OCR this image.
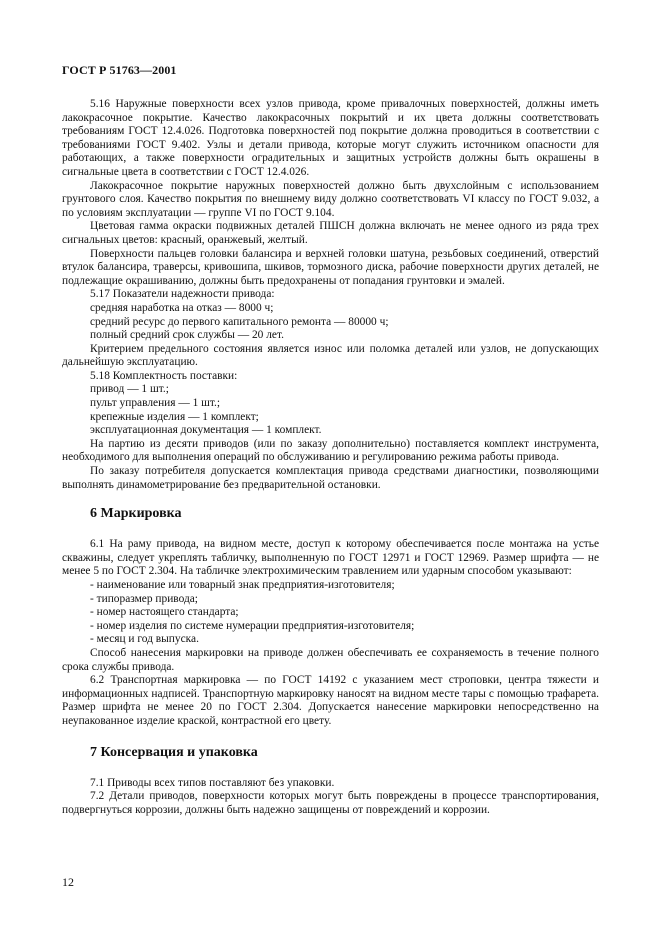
ГОСТ Р 51763—2001

5.16 Наружные поверхности всех узлов привода, кроме привалочных поверхностей, должны иметь лакокрасочное покрытие. Качество лакокрасочных покрытий и их цвета должны соответствовать требованиям ГОСТ 12.4.026. Подготовка поверхностей под покрытие должна проводиться в соответствии с требованиями ГОСТ 9.402. Узлы и детали привода, которые могут служить источником опасности для работающих, а также поверхности оградительных и защитных устройств должны быть окрашены в сигнальные цвета в соответствии с ГОСТ 12.4.026.

Лакокрасочное покрытие наружных поверхностей должно быть двухслойным с использованием грунтового слоя. Качество покрытия по внешнему виду должно соответствовать VI классу по ГОСТ 9.032, а по условиям эксплуатации — группе VI по ГОСТ 9.104.

Цветовая гамма окраски подвижных деталей ПШСН должна включать не менее одного из ряда трех сигнальных цветов: красный, оранжевый, желтый.

Поверхности пальцев головки балансира и верхней головки шатуна, резьбовых соединений, отверстий втулок балансира, траверсы, кривошипа, шкивов, тормозного диска, рабочие поверхности других деталей, не подлежащие окрашиванию, должны быть предохранены от попадания грунтовки и эмалей.

5.17 Показатели надежности привода:

средняя наработка на отказ — 8000 ч;

средний ресурс до первого капитального ремонта — 80000 ч;

полный средний срок службы — 20 лет.

Критерием предельного состояния является износ или поломка деталей или узлов, не допускающих дальнейшую эксплуатацию.

5.18 Комплектность поставки:

привод — 1 шт.;

пульт управления — 1 шт.;

крепежные изделия — 1 комплект;

эксплуатационная документация — 1 комплект.

На партию из десяти приводов (или по заказу дополнительно) поставляется комплект инструмента, необходимого для выполнения операций по обслуживанию и регулированию режима работы привода.

По заказу потребителя допускается комплектация привода средствами диагностики, позволяющими выполнять динамометрирование без предварительной остановки.

6 Маркировка

6.1 На раму привода, на видном месте, доступ к которому обеспечивается после монтажа на устье скважины, следует укреплять табличку, выполненную по ГОСТ 12971 и ГОСТ 12969. Размер шрифта — не менее 5 по ГОСТ 2.304. На табличке электрохимическим травлением или ударным способом указывают:

- наименование или товарный знак предприятия-изготовителя;

- типоразмер привода;

- номер настоящего стандарта;

- номер изделия по системе нумерации предприятия-изготовителя;

- месяц и год выпуска.

Способ нанесения маркировки на приводе должен обеспечивать ее сохраняемость в течение полного срока службы привода.

6.2 Транспортная маркировка — по ГОСТ 14192 с указанием мест строповки, центра тяжести и информационных надписей. Транспортную маркировку наносят на видном месте тары с помощью трафарета. Размер шрифта не менее 20 по ГОСТ 2.304. Допускается нанесение маркировки непосредственно на неупакованное изделие краской, контрастной его цвету.

7 Консервация и упаковка

7.1 Приводы всех типов поставляют без упаковки.

7.2 Детали приводов, поверхности которых могут быть повреждены в процессе транспортирования, подвергнуться коррозии, должны быть надежно защищены от повреждений и коррозии.

12
